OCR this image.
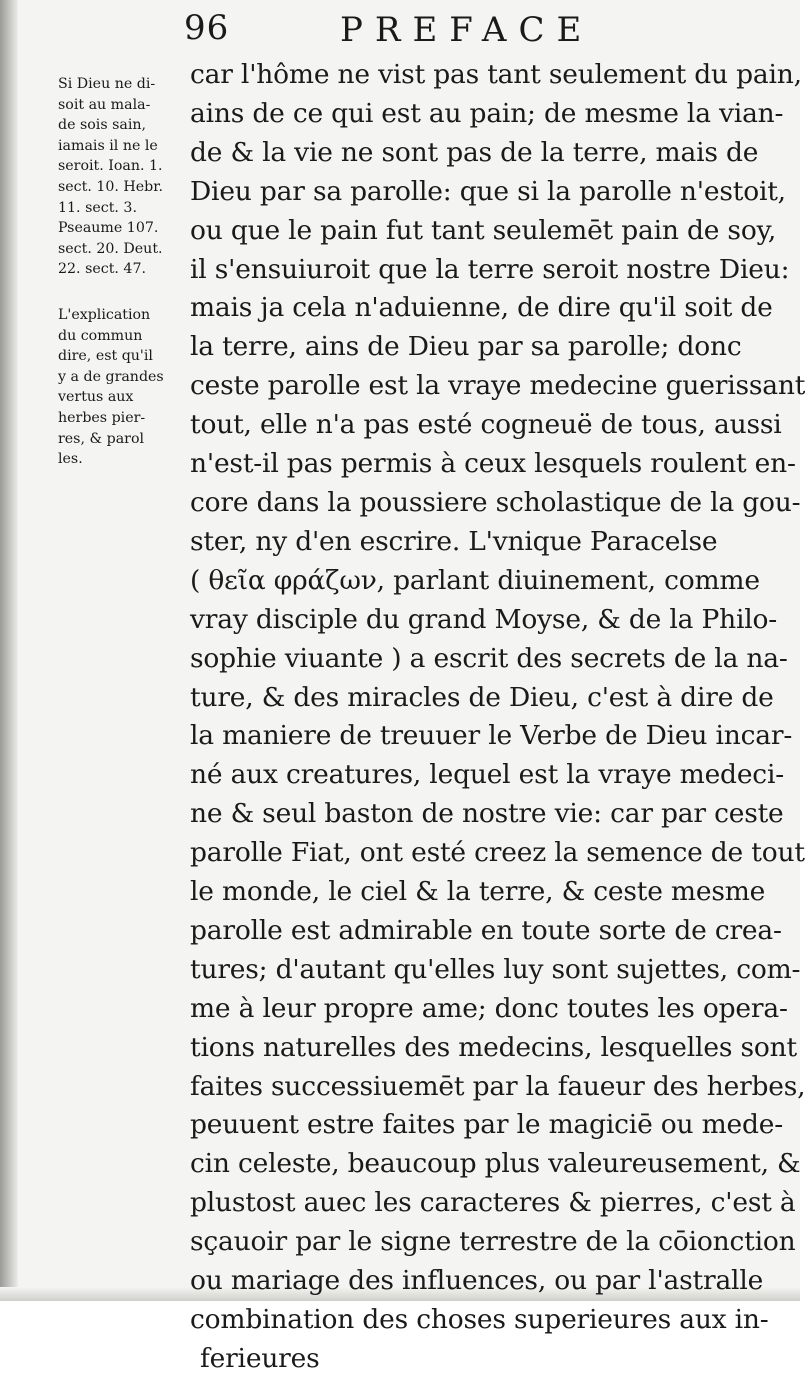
96	PREFACE
Si Dieu ne di-
soit au mala-
de sois sain,
iamais il ne le
seroit. Ioan. 1.
sect. 10. Hebr.
11. sect. 3.
Pseaume 107.
sect. 20. Deut.
22. sect. 47.
L'explication
du commun
dire, est qu'il
y a de grandes
vertus aux
herbes pier-
res, & parol
les.
car l'hôme ne vist pas tant seulement du pain,
ains de ce qui est au pain; de mesme la vian-
de & la vie ne sont pas de la terre, mais de
Dieu par sa parolle: que si la parolle n'estoit,
ou que le pain fut tant seulemēt pain de soy,
il s'ensuiuroit que la terre seroit nostre Dieu:
mais ja cela n'aduienne, de dire qu'il soit de
la terre, ains de Dieu par sa parolle; donc
ceste parolle est la vraye medecine guerissant
tout, elle n'a pas esté cogneuë de tous, aussi
n'est-il pas permis à ceux lesquels roulent en-
core dans la poussiere scholastique de la gou-
ster, ny d'en escrire. L'vnique Paracelse
( θεῖα φράζων, parlant diuinement, comme
vray disciple du grand Moyse, & de la Philo-
sophie viuante ) a escrit des secrets de la na-
ture, & des miracles de Dieu, c'est à dire de
la maniere de treuuer le Verbe de Dieu incar-
né aux creatures, lequel est la vraye medeci-
ne & seul baston de nostre vie: car par ceste
parolle Fiat, ont esté creez la semence de tout
le monde, le ciel & la terre, & ceste mesme
parolle est admirable en toute sorte de crea-
tures; d'autant qu'elles luy sont sujettes, com-
me à leur propre ame; donc toutes les opera-
tions naturelles des medecins, lesquelles sont
faites successiuemēt par la faueur des herbes,
peuuent estre faites par le magiciē ou mede-
cin celeste, beaucoup plus valeureusement, &
plustost auec les caracteres & pierres, c'est à
sçauoir par le signe terrestre de la cōionction
ou mariage des influences, ou par l'astralle
combination des choses superieures aux in-
ferieures
